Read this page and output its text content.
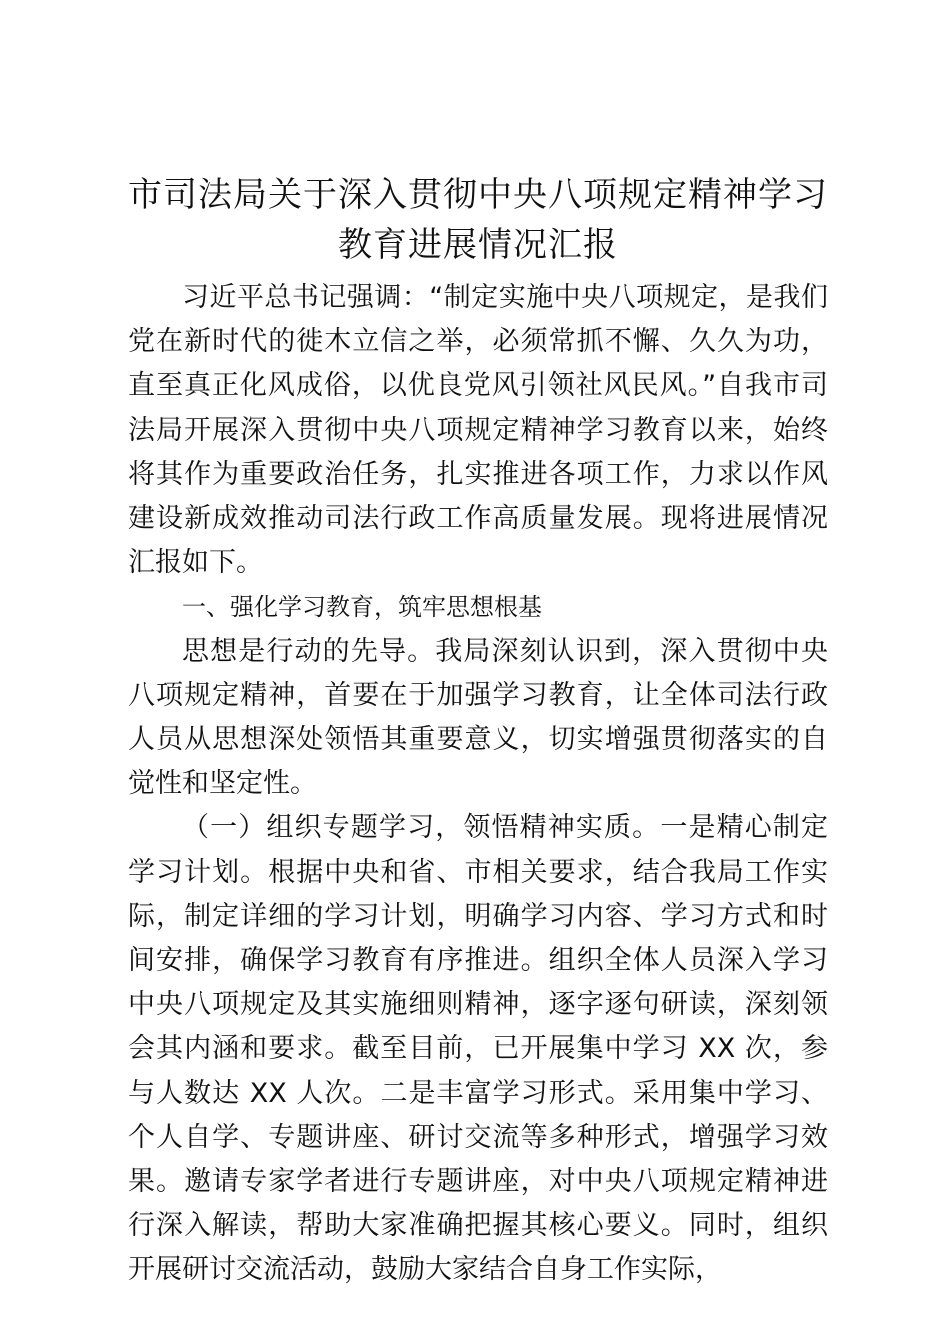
市司法局关于深入贯彻中央八项规定精神学习教育进展情况汇报

习近平总书记强调：“制定实施中央八项规定，是我们党在新时代的徙木立信之举，必须常抓不懈、久久为功，直至真正化风成俗，以优良党风引领社风民风。”自我市司法局开展深入贯彻中央八项规定精神学习教育以来，始终将其作为重要政治任务，扎实推进各项工作，力求以作风建设新成效推动司法行政工作高质量发展。现将进展情况汇报如下。

一、强化学习教育，筑牢思想根基

思想是行动的先导。我局深刻认识到，深入贯彻中央八项规定精神，首要在于加强学习教育，让全体司法行政人员从思想深处领悟其重要意义，切实增强贯彻落实的自觉性和坚定性。

（一）组织专题学习，领悟精神实质。一是精心制定学习计划。根据中央和省、市相关要求，结合我局工作实际，制定详细的学习计划，明确学习内容、学习方式和时间安排，确保学习教育有序推进。组织全体人员深入学习中央八项规定及其实施细则精神，逐字逐句研读，深刻领会其内涵和要求。截至目前，已开展集中学习 XX 次，参与人数达 XX 人次。二是丰富学习形式。采用集中学习、个人自学、专题讲座、研讨交流等多种形式，增强学习效果。邀请专家学者进行专题讲座，对中央八项规定精神进行深入解读，帮助大家准确把握其核心要义。同时，组织开展研讨交流活动，鼓励大家结合自身工作实际，
